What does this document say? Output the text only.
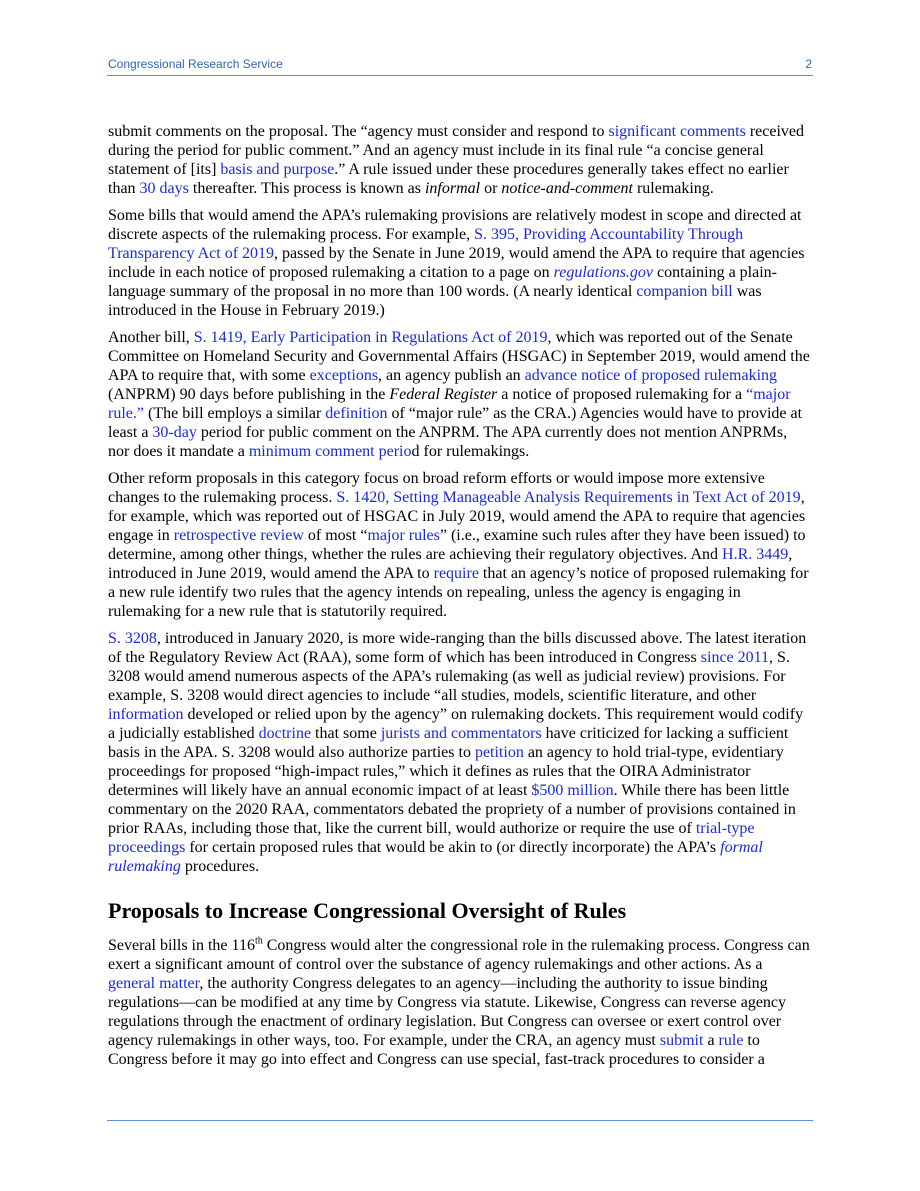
Congressional Research Service	2

submit comments on the proposal. The “agency must consider and respond to significant comments received during the period for public comment.” And an agency must include in its final rule “a concise general statement of [its] basis and purpose.” A rule issued under these procedures generally takes effect no earlier than 30 days thereafter. This process is known as informal or notice-and-comment rulemaking.

Some bills that would amend the APA’s rulemaking provisions are relatively modest in scope and directed at discrete aspects of the rulemaking process. For example, S. 395, Providing Accountability Through Transparency Act of 2019, passed by the Senate in June 2019, would amend the APA to require that agencies include in each notice of proposed rulemaking a citation to a page on regulations.gov containing a plain-language summary of the proposal in no more than 100 words. (A nearly identical companion bill was introduced in the House in February 2019.)

Another bill, S. 1419, Early Participation in Regulations Act of 2019, which was reported out of the Senate Committee on Homeland Security and Governmental Affairs (HSGAC) in September 2019, would amend the APA to require that, with some exceptions, an agency publish an advance notice of proposed rulemaking (ANPRM) 90 days before publishing in the Federal Register a notice of proposed rulemaking for a “major rule.” (The bill employs a similar definition of “major rule” as the CRA.) Agencies would have to provide at least a 30-day period for public comment on the ANPRM. The APA currently does not mention ANPRMs, nor does it mandate a minimum comment period for rulemakings.

Other reform proposals in this category focus on broad reform efforts or would impose more extensive changes to the rulemaking process. S. 1420, Setting Manageable Analysis Requirements in Text Act of 2019, for example, which was reported out of HSGAC in July 2019, would amend the APA to require that agencies engage in retrospective review of most “major rules” (i.e., examine such rules after they have been issued) to determine, among other things, whether the rules are achieving their regulatory objectives. And H.R. 3449, introduced in June 2019, would amend the APA to require that an agency’s notice of proposed rulemaking for a new rule identify two rules that the agency intends on repealing, unless the agency is engaging in rulemaking for a new rule that is statutorily required.

S. 3208, introduced in January 2020, is more wide-ranging than the bills discussed above. The latest iteration of the Regulatory Review Act (RAA), some form of which has been introduced in Congress since 2011, S. 3208 would amend numerous aspects of the APA’s rulemaking (as well as judicial review) provisions. For example, S. 3208 would direct agencies to include “all studies, models, scientific literature, and other information developed or relied upon by the agency” on rulemaking dockets. This requirement would codify a judicially established doctrine that some jurists and commentators have criticized for lacking a sufficient basis in the APA. S. 3208 would also authorize parties to petition an agency to hold trial-type, evidentiary proceedings for proposed “high-impact rules,” which it defines as rules that the OIRA Administrator determines will likely have an annual economic impact of at least $500 million. While there has been little commentary on the 2020 RAA, commentators debated the propriety of a number of provisions contained in prior RAAs, including those that, like the current bill, would authorize or require the use of trial-type proceedings for certain proposed rules that would be akin to (or directly incorporate) the APA’s formal rulemaking procedures.

Proposals to Increase Congressional Oversight of Rules

Several bills in the 116th Congress would alter the congressional role in the rulemaking process. Congress can exert a significant amount of control over the substance of agency rulemakings and other actions. As a general matter, the authority Congress delegates to an agency—including the authority to issue binding regulations—can be modified at any time by Congress via statute. Likewise, Congress can reverse agency regulations through the enactment of ordinary legislation. But Congress can oversee or exert control over agency rulemakings in other ways, too. For example, under the CRA, an agency must submit a rule to Congress before it may go into effect and Congress can use special, fast-track procedures to consider a
